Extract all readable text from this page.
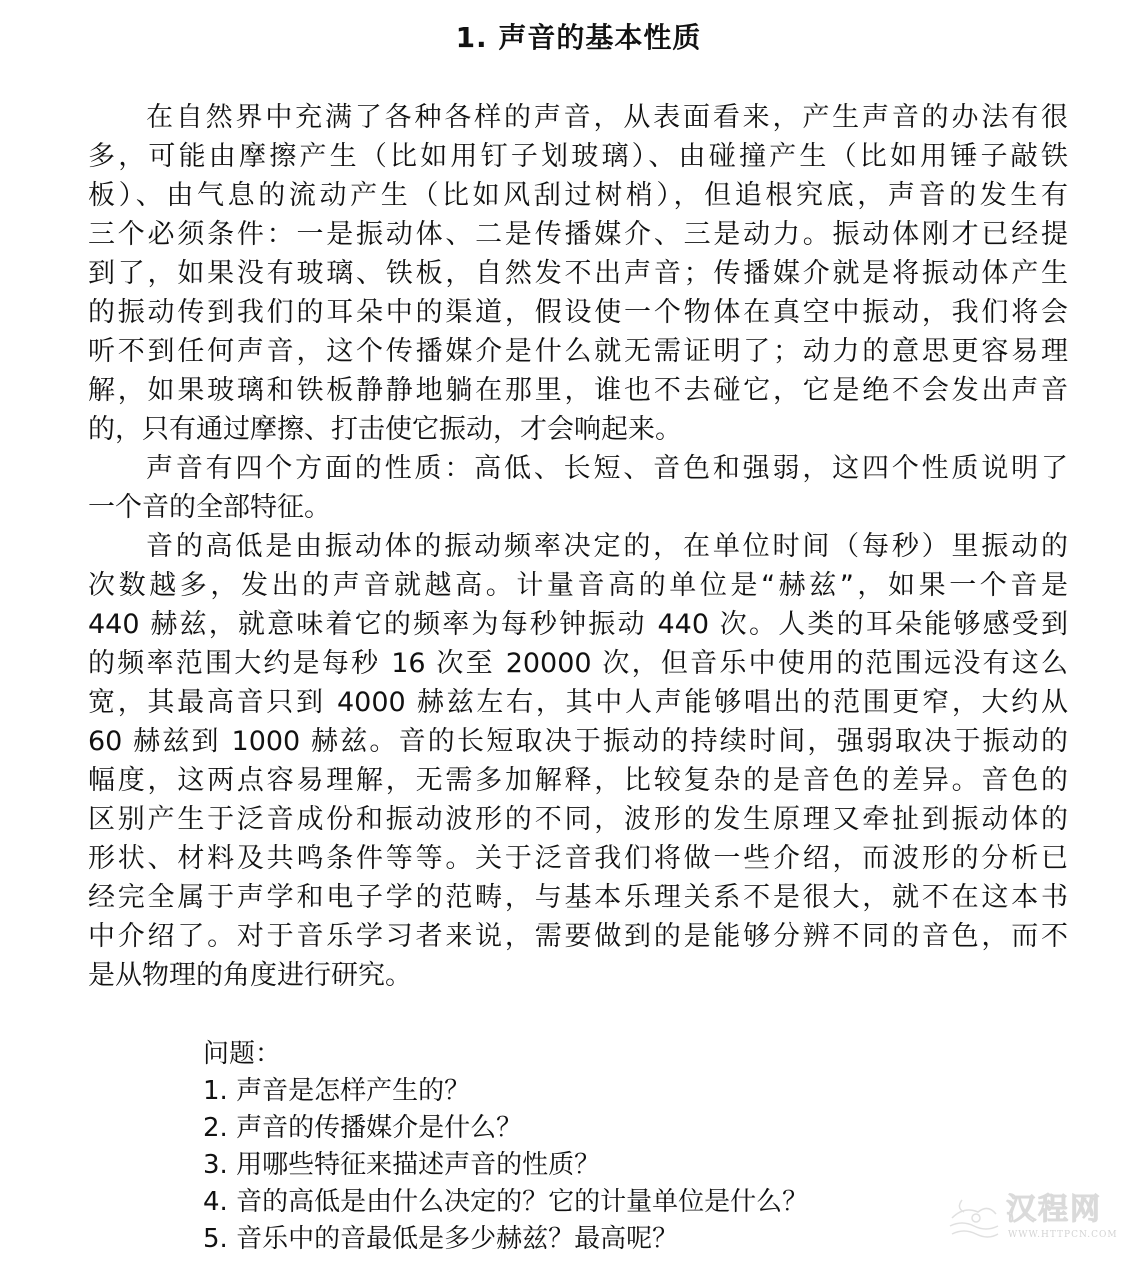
1. 声音的基本性质
在自然界中充满了各种各样的声音，从表面看来，产生声音的办法有很
多，可能由摩擦产生（比如用钉子划玻璃）、由碰撞产生（比如用锤子敲铁
板）、由气息的流动产生（比如风刮过树梢），但追根究底，声音的发生有
三个必须条件：一是振动体、二是传播媒介、三是动力。振动体刚才已经提
到了，如果没有玻璃、铁板，自然发不出声音；传播媒介就是将振动体产生
的振动传到我们的耳朵中的渠道，假设使一个物体在真空中振动，我们将会
听不到任何声音，这个传播媒介是什么就无需证明了；动力的意思更容易理
解，如果玻璃和铁板静静地躺在那里，谁也不去碰它，它是绝不会发出声音
的，只有通过摩擦、打击使它振动，才会响起来。
声音有四个方面的性质：高低、长短、音色和强弱，这四个性质说明了
一个音的全部特征。
音的高低是由振动体的振动频率决定的，在单位时间（每秒）里振动的
次数越多，发出的声音就越高。计量音高的单位是“赫兹”，如果一个音是
440 赫兹，就意味着它的频率为每秒钟振动 440 次。人类的耳朵能够感受到
的频率范围大约是每秒 16 次至 20000 次，但音乐中使用的范围远没有这么
宽，其最高音只到 4000 赫兹左右，其中人声能够唱出的范围更窄，大约从
60 赫兹到 1000 赫兹。音的长短取决于振动的持续时间，强弱取决于振动的
幅度，这两点容易理解，无需多加解释，比较复杂的是音色的差异。音色的
区别产生于泛音成份和振动波形的不同，波形的发生原理又牵扯到振动体的
形状、材料及共鸣条件等等。关于泛音我们将做一些介绍，而波形的分析已
经完全属于声学和电子学的范畴，与基本乐理关系不是很大，就不在这本书
中介绍了。对于音乐学习者来说，需要做到的是能够分辨不同的音色，而不
是从物理的角度进行研究。
问题：
1. 声音是怎样产生的？
2. 声音的传播媒介是什么？
3. 用哪些特征来描述声音的性质？
4. 音的高低是由什么决定的？它的计量单位是什么？
5. 音乐中的音最低是多少赫兹？最高呢？
汉程网
WWW.HTTPCN.COM
